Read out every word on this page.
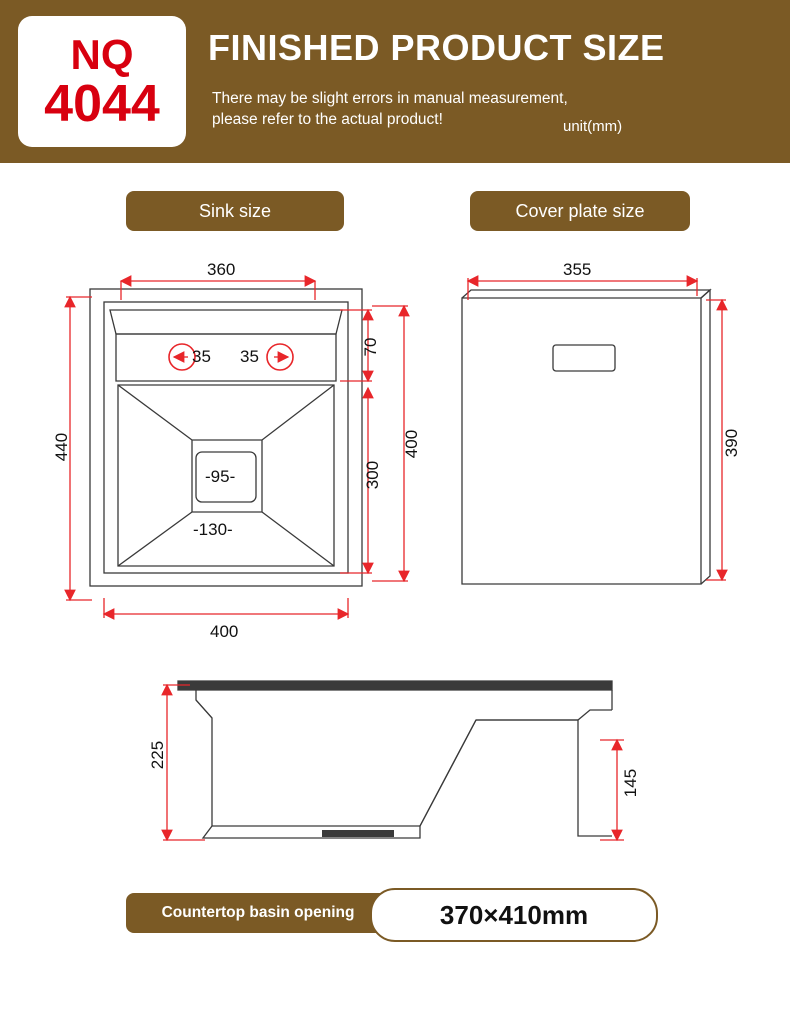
NQ
4044
FINISHED PRODUCT SIZE
There may be slight errors in manual measurement,
please refer to the actual product!	unit(mm)
Sink size	Cover plate size
360
400
440	400
70
300
35 35
-95-
-130-
355
390
225
145
Countertop basin opening	370×410mm
